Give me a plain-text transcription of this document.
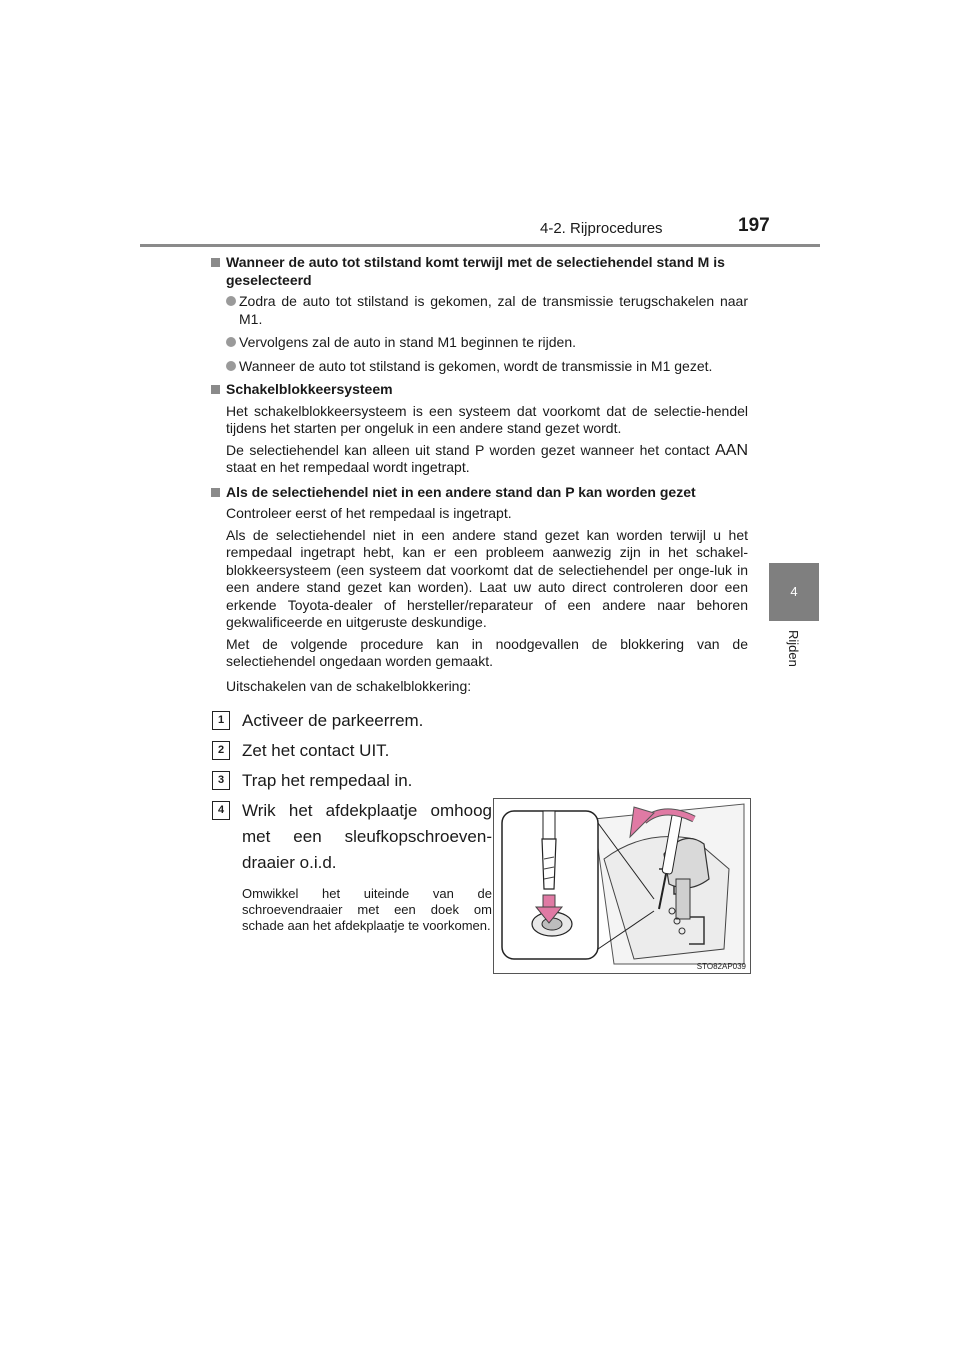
4-2. Rijprocedures	197
4
Rijden
Wanneer de auto tot stilstand komt terwijl met de selectiehendel stand M is geselecteerd
Zodra de auto tot stilstand is gekomen, zal de transmissie terugschakelen naar M1.
Vervolgens zal de auto in stand M1 beginnen te rijden.
Wanneer de auto tot stilstand is gekomen, wordt de transmissie in M1 gezet.
Schakelblokkeersysteem

Het schakelblokkeersysteem is een systeem dat voorkomt dat de selectie-hendel tijdens het starten per ongeluk in een andere stand gezet wordt.

De selectiehendel kan alleen uit stand P worden gezet wanneer het contact AAN staat en het rempedaal wordt ingetrapt.

Als de selectiehendel niet in een andere stand dan P kan worden gezet

Controleer eerst of het rempedaal is ingetrapt.

Als de selectiehendel niet in een andere stand gezet kan worden terwijl u het rempedaal ingetrapt hebt, kan er een probleem aanwezig zijn in het schakel-blokkeersysteem (een systeem dat voorkomt dat de selectiehendel per onge-luk in een andere stand gezet kan worden). Laat uw auto direct controleren door een erkende Toyota-dealer of hersteller/reparateur of een andere naar behoren gekwalificeerde en uitgeruste deskundige.

Met de volgende procedure kan in noodgevallen de blokkering van de selectiehendel ongedaan worden gemaakt.

Uitschakelen van de schakelblokkering:

1	Activeer de parkeerrem.
2	Zet het contact UIT.
3	Trap het rempedaal in.
4	Wrik het afdekplaatje omhoog met een sleufkopschroeven-draaier o.i.d.
Omwikkel het uiteinde van de schroevendraaier met een doek om schade aan het afdekplaatje te voorkomen.
STO82AP039
